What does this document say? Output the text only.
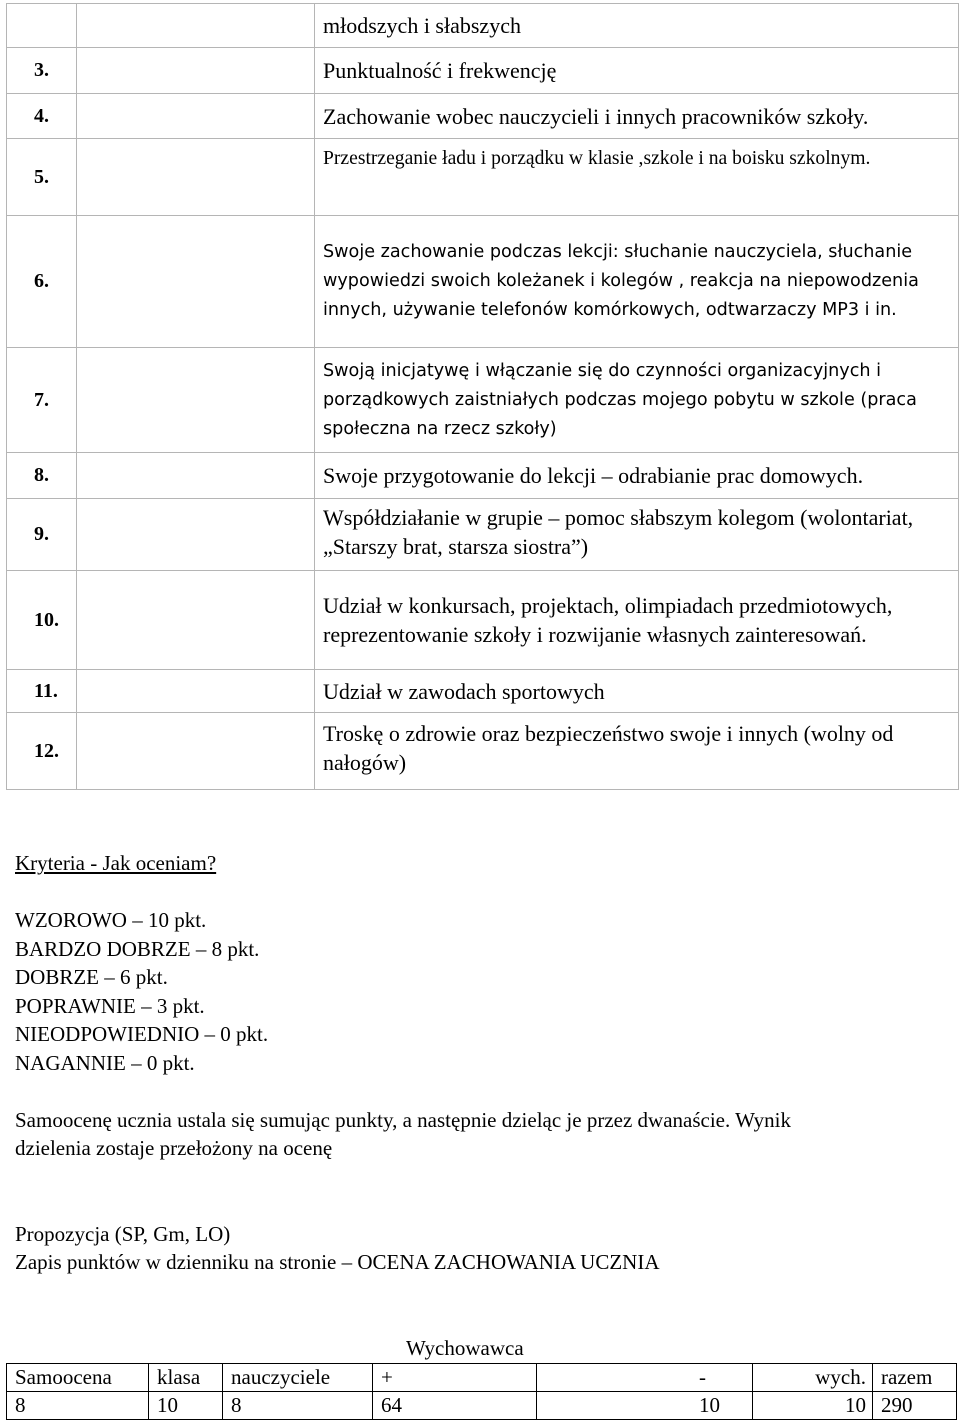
		młodszych i słabszych
3.		Punktualność i frekwencję
4.		Zachowanie wobec nauczycieli i innych pracowników szkoły.
5.		Przestrzeganie ładu i porządku w klasie ,szkole i na boisku szkolnym.
6.		Swoje zachowanie podczas lekcji: słuchanie nauczyciela, słuchanie wypowiedzi swoich koleżanek i kolegów , reakcja na niepowodzenia innych, używanie telefonów komórkowych, odtwarzaczy MP3 i in.
7.		Swoją inicjatywę i włączanie się do czynności organizacyjnych i porządkowych zaistniałych podczas mojego pobytu w szkole (praca społeczna na rzecz szkoły)
8.		Swoje przygotowanie do lekcji – odrabianie prac domowych.
9.		Współdziałanie w grupie – pomoc słabszym kolegom (wolontariat, „Starszy brat, starsza siostra”)
10.		Udział w konkursach, projektach, olimpiadach przedmiotowych, reprezentowanie szkoły i rozwijanie własnych zainteresowań.
11.		Udział w zawodach sportowych
12.		Troskę o zdrowie oraz bezpieczeństwo swoje i innych (wolny od nałogów)
Kryteria - Jak oceniam?
WZOROWO – 10 pkt.
BARDZO DOBRZE – 8 pkt.
DOBRZE – 6 pkt.
POPRAWNIE – 3 pkt.
NIEODPOWIEDNIO – 0 pkt.
NAGANNIE – 0 pkt.
Samoocenę ucznia ustala się sumując punkty, a następnie dzieląc je przez dwanaście. Wynik
dzielenia zostaje przełożony na ocenę
Propozycja (SP, Gm, LO)
Zapis punktów w dzienniku na stronie – OCENA ZACHOWANIA UCZNIA
Wychowawca
Samoocena	klasa	nauczyciele	+	-	wych.	razem
8	10	8	64	10	10	290
